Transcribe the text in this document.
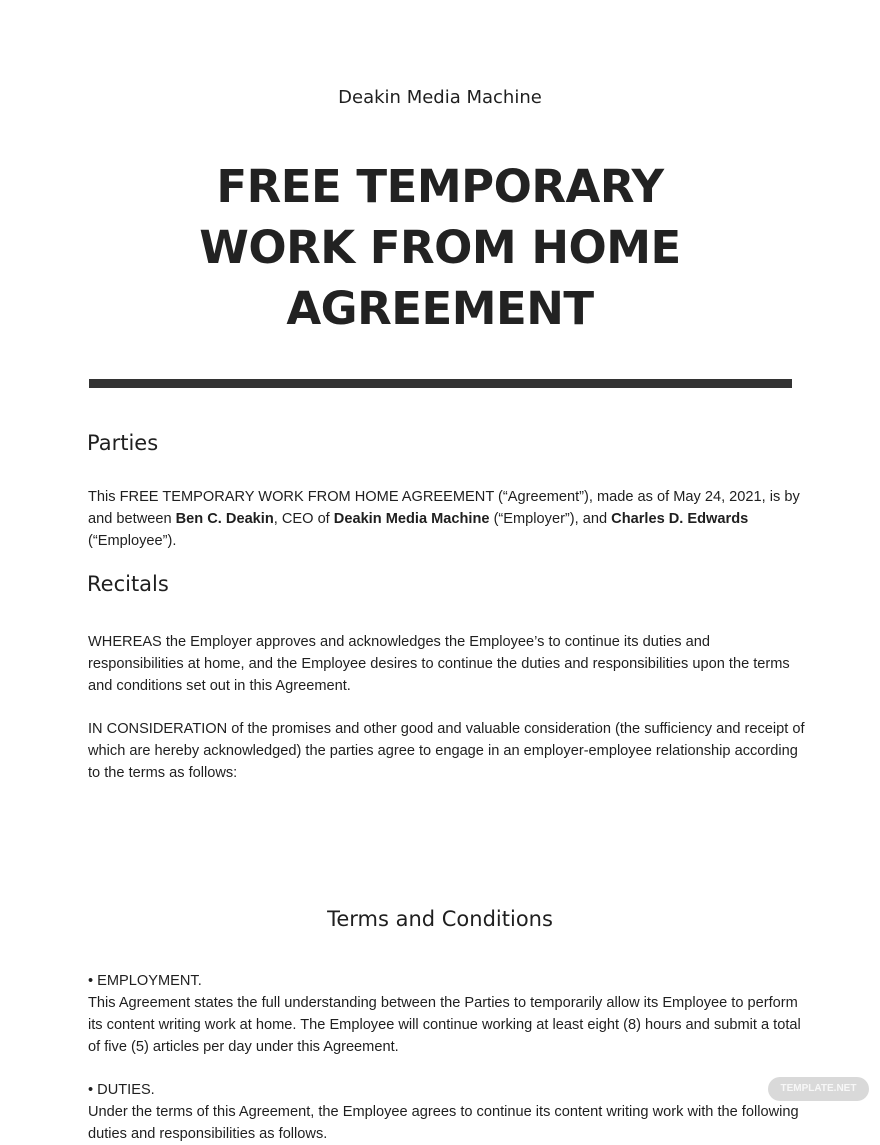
Deakin Media Machine
FREE TEMPORARY
WORK FROM HOME
AGREEMENT
Parties
This FREE TEMPORARY WORK FROM HOME AGREEMENT (“Agreement”), made as of May 24, 2021, is by and between Ben C. Deakin, CEO of Deakin Media Machine (“Employer”), and Charles D. Edwards (“Employee”).
Recitals
WHEREAS the Employer approves and acknowledges the Employee’s to continue its duties and responsibilities at home, and the Employee desires to continue the duties and responsibilities upon the terms and conditions set out in this Agreement.
IN CONSIDERATION of the promises and other good and valuable consideration (the sufficiency and receipt of which are hereby acknowledged) the parties agree to engage in an employer-employee relationship according to the terms as follows:
Terms and Conditions
• EMPLOYMENT.
This Agreement states the full understanding between the Parties to temporarily allow its Employee to perform its content writing work at home. The Employee will continue working at least eight (8) hours and submit a total of five (5) articles per day under this Agreement.
• DUTIES.
Under the terms of this Agreement, the Employee agrees to continue its content writing work with the following duties and responsibilities as follows.
TEMPLATE.NET
